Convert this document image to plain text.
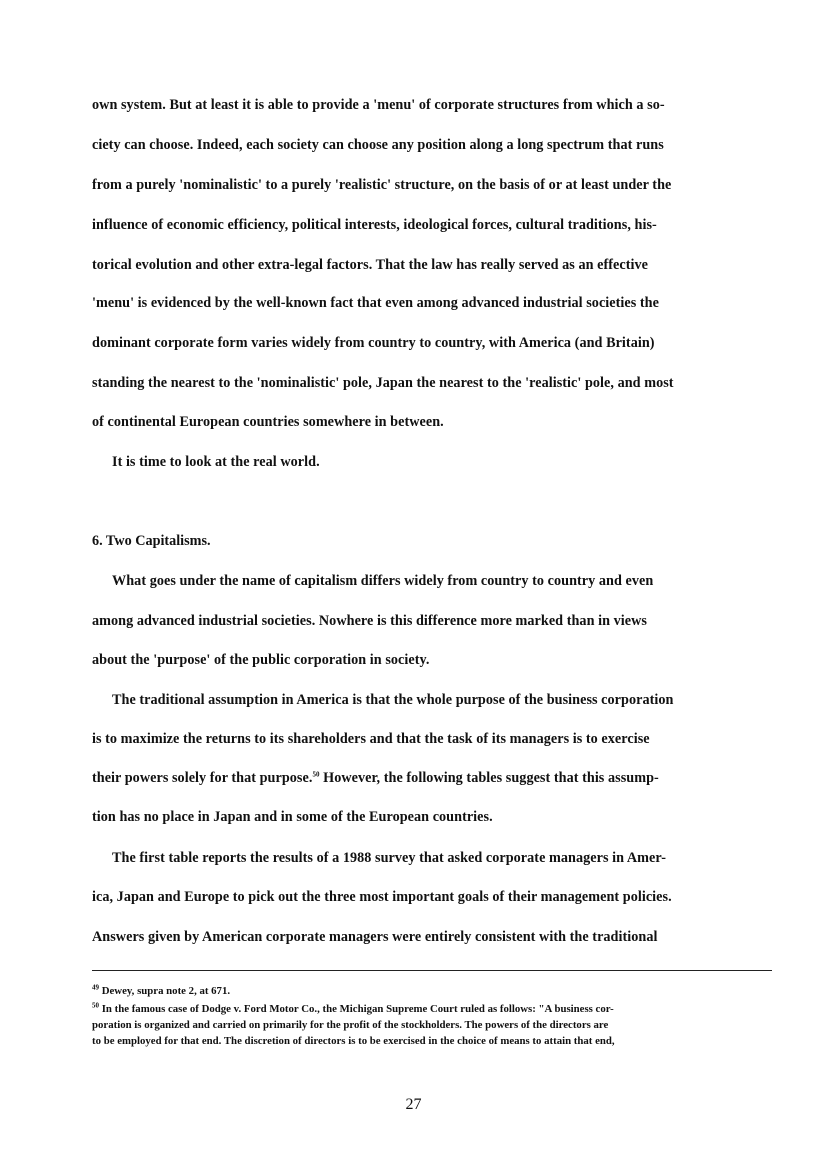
own system. But at least it is able to provide a 'menu' of corporate structures from which a so-
ciety can choose. Indeed, each society can choose any position along a long spectrum that runs
from a purely 'nominalistic' to a purely 'realistic' structure, on the basis of or at least under the
influence of economic efficiency, political interests, ideological forces, cultural traditions, his-
torical evolution and other extra-legal factors. That the law has really served as an effective
'menu' is evidenced by the well-known fact that even among advanced industrial societies the
dominant corporate form varies widely from country to country, with America (and Britain)
standing the nearest to the 'nominalistic' pole, Japan the nearest to the 'realistic' pole, and most
of continental European countries somewhere in between.
It is time to look at the real world.
6. Two Capitalisms.
What goes under the name of capitalism differs widely from country to country and even
among advanced industrial societies. Nowhere is this difference more marked than in views
about the 'purpose' of the public corporation in society.
The traditional assumption in America is that the whole purpose of the business corporation
is to maximize the returns to its shareholders and that the task of its managers is to exercise
their powers solely for that purpose.$^{50}$ However, the following tables suggest that this assump-
tion has no place in Japan and in some of the European countries.
The first table reports the results of a 1988 survey that asked corporate managers in Amer-
ica, Japan and Europe to pick out the three most important goals of their management policies.
Answers given by American corporate managers were entirely consistent with the traditional
$^{49}$ Dewey, supra note 2, at 671.
$^{50}$ In the famous case of Dodge v. Ford Motor Co., the Michigan Supreme Court ruled as follows: "A business cor-
poration is organized and carried on primarily for the profit of the stockholders. The powers of the directors are
to be employed for that end. The discretion of directors is to be exercised in the choice of means to attain that end,
27
